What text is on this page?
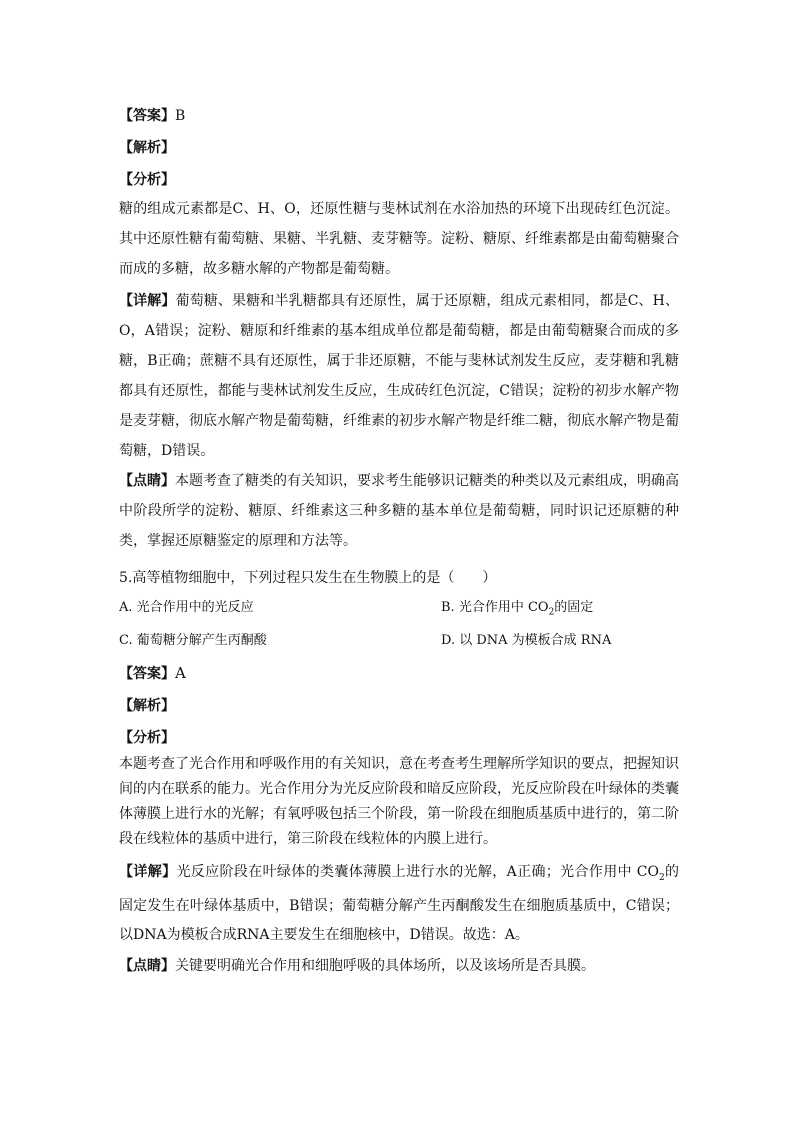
【答案】B
【解析】
【分析】
糖的组成元素都是C、H、O，还原性糖与斐林试剂在水浴加热的环境下出现砖红色沉淀。其中还原性糖有葡萄糖、果糖、半乳糖、麦芽糖等。淀粉、糖原、纤维素都是由葡萄糖聚合而成的多糖，故多糖水解的产物都是葡萄糖。
【详解】葡萄糖、果糖和半乳糖都具有还原性，属于还原糖，组成元素相同，都是C、H、O，A错误；淀粉、糖原和纤维素的基本组成单位都是葡萄糖，都是由葡萄糖聚合而成的多糖，B正确；蔗糖不具有还原性，属于非还原糖，不能与斐林试剂发生反应，麦芽糖和乳糖都具有还原性，都能与斐林试剂发生反应，生成砖红色沉淀，C错误；淀粉的初步水解产物是麦芽糖，彻底水解产物是葡萄糖，纤维素的初步水解产物是纤维二糖，彻底水解产物是葡萄糖，D错误。
【点睛】本题考查了糖类的有关知识，要求考生能够识记糖类的种类以及元素组成，明确高中阶段所学的淀粉、糖原、纤维素这三种多糖的基本单位是葡萄糖，同时识记还原糖的种类，掌握还原糖鉴定的原理和方法等。
5.高等植物细胞中，下列过程只发生在生物膜上的是（　　）
A. 光合作用中的光反应	B. 光合作用中 $CO_2$的固定
C. 葡萄糖分解产生丙酮酸	D. 以 DNA 为模板合成 RNA
【答案】A
【解析】
【分析】
本题考查了光合作用和呼吸作用的有关知识，意在考查考生理解所学知识的要点，把握知识间的内在联系的能力。光合作用分为光反应阶段和暗反应阶段，光反应阶段在叶绿体的类囊体薄膜上进行水的光解；有氧呼吸包括三个阶段，第一阶段在细胞质基质中进行的，第二阶段在线粒体的基质中进行，第三阶段在线粒体的内膜上进行。
【详解】光反应阶段在叶绿体的类囊体薄膜上进行水的光解，A正确；光合作用中 $CO_2$的固定发生在叶绿体基质中，B错误；葡萄糖分解产生丙酮酸发生在细胞质基质中，C错误；以DNA为模板合成RNA主要发生在细胞核中，D错误。故选：A。
【点睛】关键要明确光合作用和细胞呼吸的具体场所，以及该场所是否具膜。
